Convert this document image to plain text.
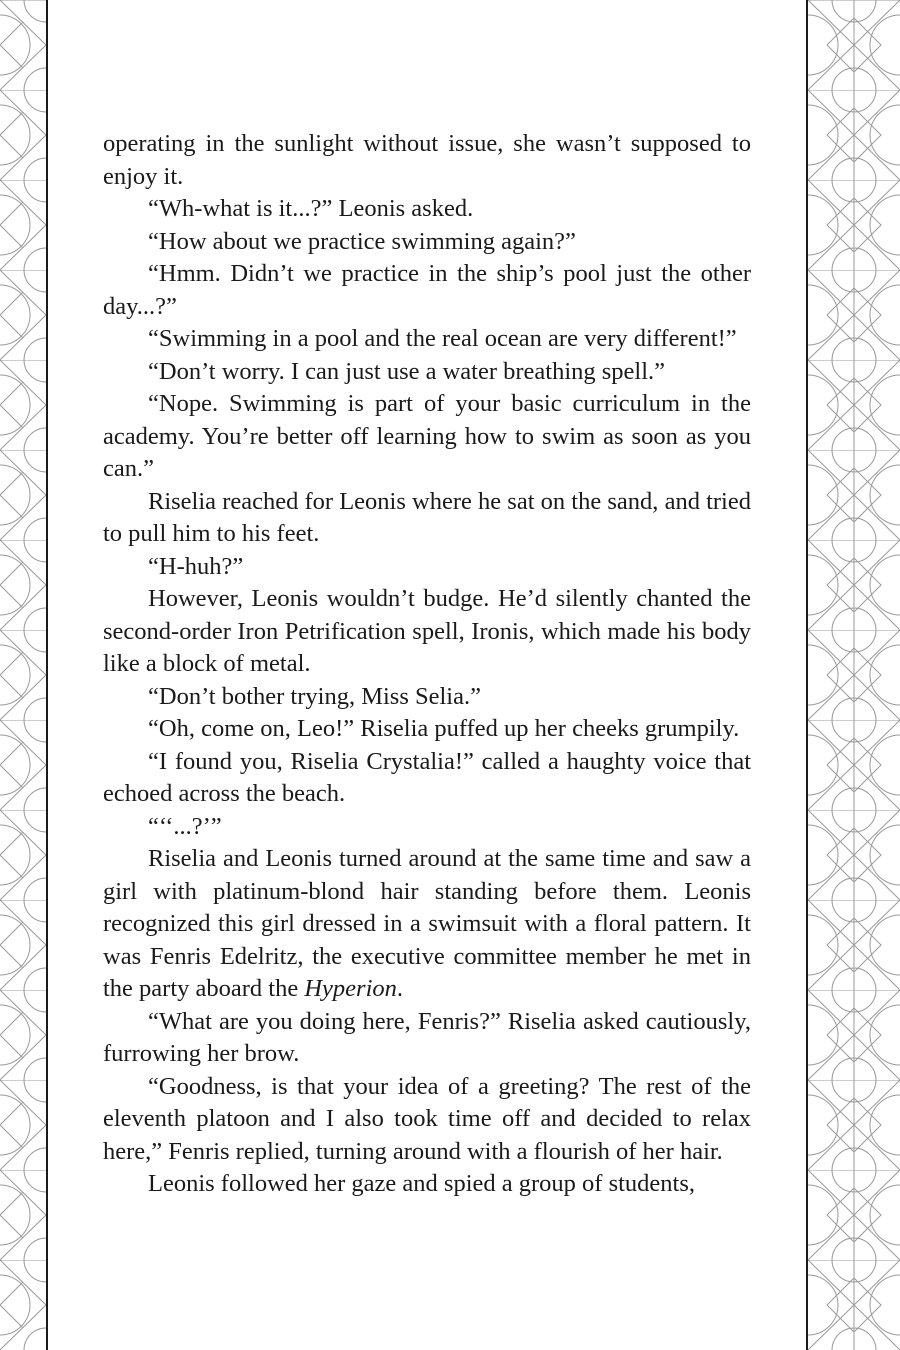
operating in the sunlight without issue, she wasn’t supposed to enjoy it.

“Wh-what is it...?” Leonis asked.

“How about we practice swimming again?”

“Hmm. Didn’t we practice in the ship’s pool just the other day...?”

“Swimming in a pool and the real ocean are very different!”

“Don’t worry. I can just use a water breathing spell.”

“Nope. Swimming is part of your basic curriculum in the academy. You’re better off learning how to swim as soon as you can.”

Riselia reached for Leonis where he sat on the sand, and tried to pull him to his feet.

“H-huh?”

However, Leonis wouldn’t budge. He’d silently chanted the second-order Iron Petrification spell, Ironis, which made his body like a block of metal.

“Don’t bother trying, Miss Selia.”

“Oh, come on, Leo!” Riselia puffed up her cheeks grumpily.

“I found you, Riselia Crystalia!” called a haughty voice that echoed across the beach.

“‘‘...?’”

Riselia and Leonis turned around at the same time and saw a girl with platinum-blond hair standing before them. Leonis recognized this girl dressed in a swimsuit with a floral pattern. It was Fenris Edelritz, the executive committee member he met in the party aboard the Hyperion.

“What are you doing here, Fenris?” Riselia asked cautiously, furrowing her brow.

“Goodness, is that your idea of a greeting? The rest of the eleventh platoon and I also took time off and decided to relax here,” Fenris replied, turning around with a flourish of her hair.

Leonis followed her gaze and spied a group of students,
